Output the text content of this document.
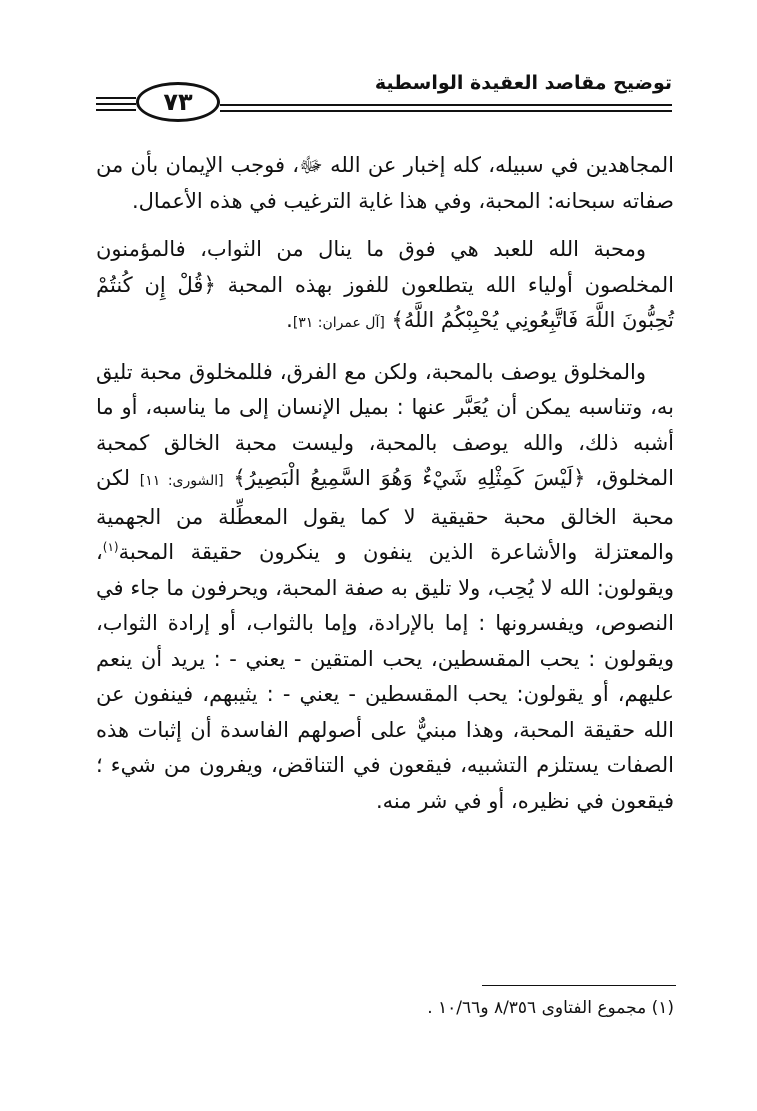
توضيح مقاصد العقيدة الواسطية
٧٣

المجاهدين في سبيله، كله إخبار عن الله ﷻ، فوجب الإيمان بأن من صفاته سبحانه: المحبة، وفي هذا غاية الترغيب في هذه الأعمال.

ومحبة الله للعبد هي فوق ما ينال من الثواب، فالمؤمنون المخلصون أولياء الله يتطلعون للفوز بهذه المحبة ﴿قُلْ إِن كُنتُمْ تُحِبُّونَ اللَّهَ فَاتَّبِعُونِي يُحْبِبْكُمُ اللَّهُ﴾ [آل عمران: ٣١].

والمخلوق يوصف بالمحبة، ولكن مع الفرق، فللمخلوق محبة تليق به، وتناسبه يمكن أن يُعَبَّر عنها : بميل الإنسان إلى ما يناسبه، أو ما أشبه ذلك، والله يوصف بالمحبة، وليست محبة الخالق كمحبة المخلوق، ﴿لَيْسَ كَمِثْلِهِ شَيْءٌ وَهُوَ السَّمِيعُ الْبَصِيرُ﴾ [الشورى: ١١] لكن محبة الخالق محبة حقيقية لا كما يقول المعطِّلة من الجهمية والمعتزلة والأشاعرة الذين ينفون و ينكرون حقيقة المحبة$^{(١)}$، ويقولون: الله لا يُحِب، ولا تليق به صفة المحبة، ويحرفون ما جاء في النصوص، ويفسرونها : إما بالإرادة، وإما بالثواب، أو إرادة الثواب، ويقولون : يحب المقسطين، يحب المتقين - يعني - : يريد أن ينعم عليهم، أو يقولون: يحب المقسطين - يعني - : يثيبهم، فينفون عن الله حقيقة المحبة، وهذا مبنيٌّ على أصولهم الفاسدة أن إثبات هذه الصفات يستلزم التشبيه، فيقعون في التناقض، ويفرون من شيء ؛ فيقعون في نظيره، أو في شر منه.

(١) مجموع الفتاوى ٨/٣٥٦ و١٠/٦٦ .
